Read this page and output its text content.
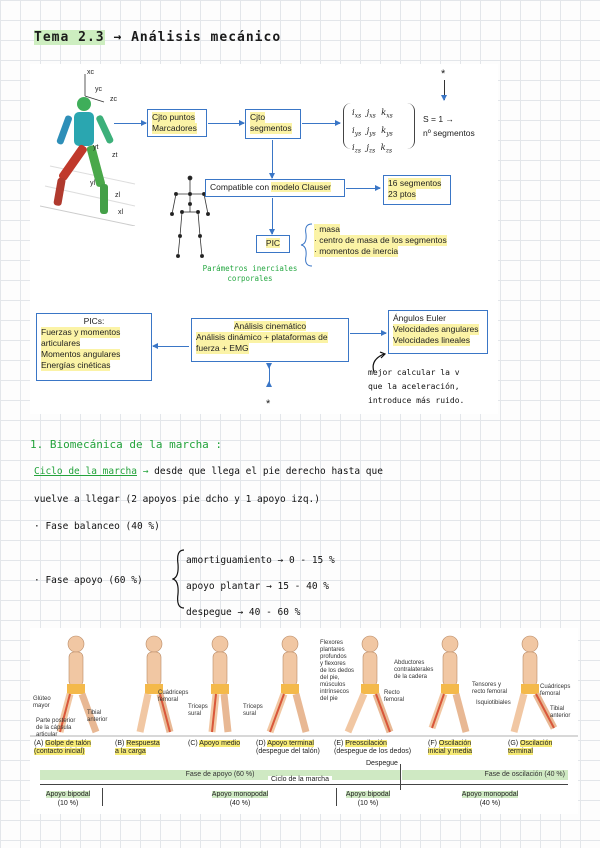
Tema 2.3 → Análisis mecánico
xc
yc
zc
yt
zt
yl
zl
xl
*
Cjto puntos
Marcadores
Cjto
segmentos
$i_{xs}$ $j_{xs}$ $k_{xs}$
$i_{ys}$ $j_{ys}$ $k_{ys}$
$i_{zs}$ $j_{zs}$ $k_{zs}$
S = 1 →
nº segmentos
Compatible con modelo Clauser	16 segmentos
23 ptos
PIC
· masa
· centro de masa de los segmentos
· momentos de inercia
Parámetros inerciales
corporales
PICs:
Fuerzas y momentos
articulares
Momentos angulares
Energías cinéticas
Análisis cinemático
Análisis dinámico + plataformas de
fuerza + EMG
Ángulos Euler
Velocidades angulares
Velocidades lineales
*
mejor calcular la v
que la aceleración,
introduce más ruido.
1. Biomecánica de la marcha :
Ciclo de la marcha → desde que llega el pie derecho hasta que
vuelve a llegar (2 apoyos pie dcho y 1 apoyo izq.)
· Fase balanceo (40 %)
· Fase apoyo (60 %)
amortiguamiento → 0 - 15 %
apoyo plantar → 15 - 40 %
despegue → 40 - 60 %
Glúteo
mayor
Tibial
anterior
Parte posterior
de la cápsula
articular
Cuádriceps
femoral
Tríceps
sural
Tríceps
sural
Flexores
plantares
profundos
y flexores
de los dedos
del pie,
músculos
intrínsecos
del pie
Abductores
contralaterales
de la cadera
Recto
femoral	Isquiotibiales
Tensores y
recto femoral
Cuádriceps
femoral
Tibial
anterior
(A) Golpe de talón
(contacto inicial)
(B) Respuesta
a la carga
(C) Apoyo medio (D) Apoyo terminal
(despegue del talón)
(E) Preoscilación
(despegue de los dedos)
(F) Oscilación
inicial y media
(G) Oscilación
terminal
Despegue
Fase de apoyo (60 %)	Fase de oscilación (40 %)
Ciclo de la marcha
Apoyo bipodal
(10 %)
Apoyo monopodal
(40 %)
Apoyo bipodal
(10 %)
Apoyo monopodal
(40 %)
